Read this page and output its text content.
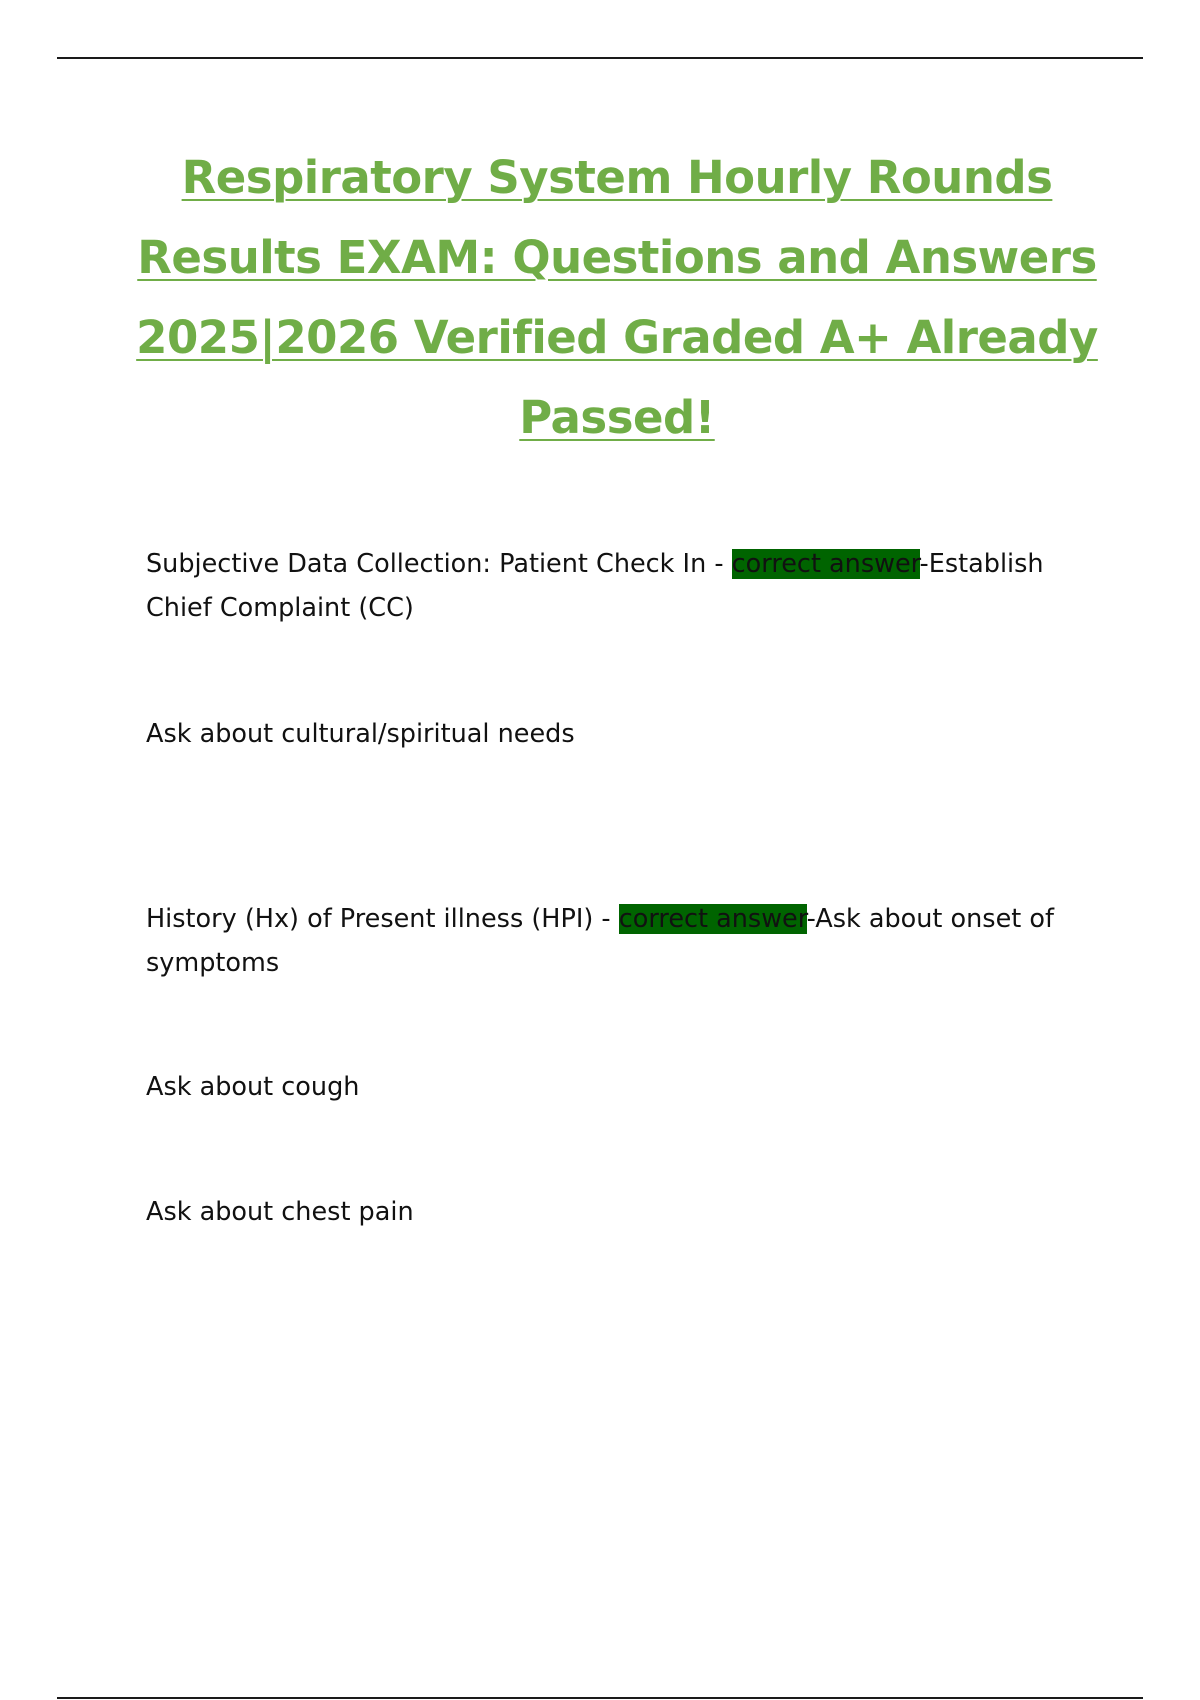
Respiratory System Hourly Rounds Results EXAM: Questions and Answers 2025|2026 Verified Graded A+ Already Passed!

Subjective Data Collection: Patient Check In - correct answer-Establish Chief Complaint (CC)

Ask about cultural/spiritual needs

History (Hx) of Present illness (HPI) - correct answer-Ask about onset of symptoms

Ask about cough

Ask about chest pain
